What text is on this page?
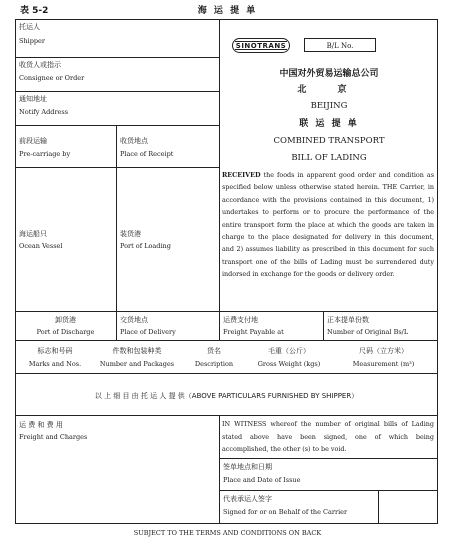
表 5-2	海 运 提 单
托运人
Shipper
收货人或指示
Consignee or Order
通知地址
Notify Address
前段运输
Pre-carriage by
收货地点
Place of Receipt
海运船只
Ocean Vessel
装货港
Port of Loading
SINOTRANS	B/L No.
中国对外贸易运输总公司
北 京
BEIJING
联 运 提 单
COMBINED TRANSPORT
BILL OF LADING
RECEIVED the foods in apparent good order and condition as specified below unless otherwise stated herein. THE Carrier, in accordance with the provisions contained in this document, 1) undertakes to perform or to procure the performance of the entire transport form the place at which the goods are taken in charge to the place designated for delivery in this document, and 2) assumes liability as prescribed in this document for such transport one of the bills of Lading must be surrendered duty indorsed in exchange for the goods or delivery order.
卸货港
Port of Discharge
交货地点
Place of Delivery
运费支付地
Freight Payable at
正本提单份数
Number of Original Bs/L
标志和号码
Marks and Nos.
件数和包装种类
Number and Packages
货名
Description
毛重（公斤）
Gross Weight (kgs)
尺码（立方米）
Measurement (m³)
以 上 细 目 由 托 运 人 提 供（ABOVE PARTICULARS FURNISHED BY SHIPPER）
运 费 和 费 用
Freight and Charges
IN WITNESS whereof the number of original bills of Lading stated above have been signed, one of which being accomplished, the other (s) to be void.
签单地点和日期
Place and Date of Issue
代表承运人签字
Signed for or on Behalf of the Carrier
SUBJECT TO THE TERMS AND CONDITIONS ON BACK
